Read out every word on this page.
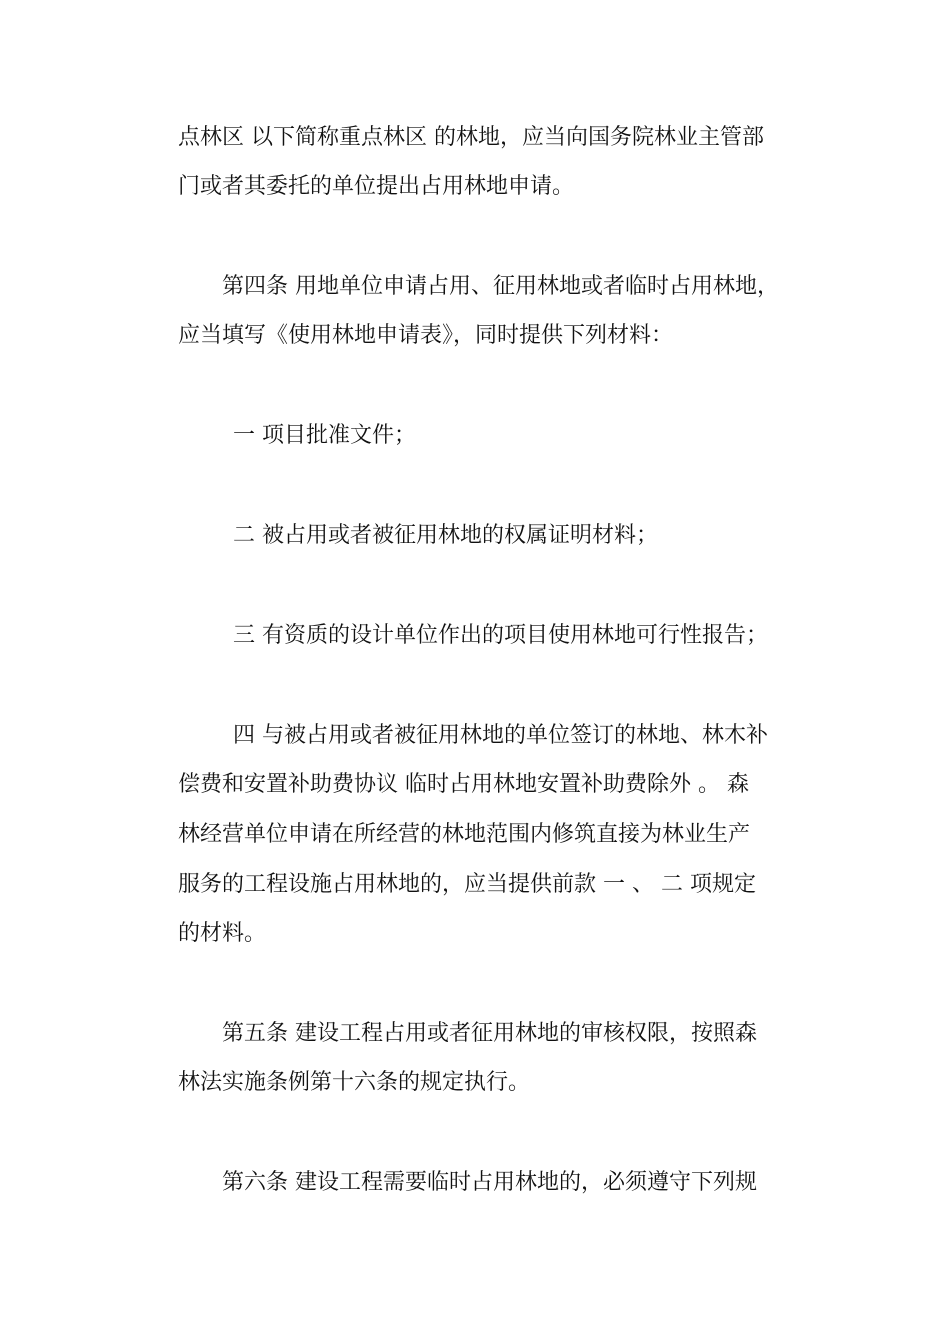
点林区 以下简称重点林区 的林地，应当向国务院林业主管部

门或者其委托的单位提出占用林地申请。

第四条 用地单位申请占用、征用林地或者临时占用林地，

应当填写《使用林地申请表》，同时提供下列材料：

一 项目批准文件；

二 被占用或者被征用林地的权属证明材料；

三 有资质的设计单位作出的项目使用林地可行性报告；

四 与被占用或者被征用林地的单位签订的林地、林木补

偿费和安置补助费协议 临时占用林地安置补助费除外 。 森

林经营单位申请在所经营的林地范围内修筑直接为林业生产

服务的工程设施占用林地的，应当提供前款 一 、 二 项规定

的材料。

第五条 建设工程占用或者征用林地的审核权限，按照森

林法实施条例第十六条的规定执行。

第六条 建设工程需要临时占用林地的，必须遵守下列规
